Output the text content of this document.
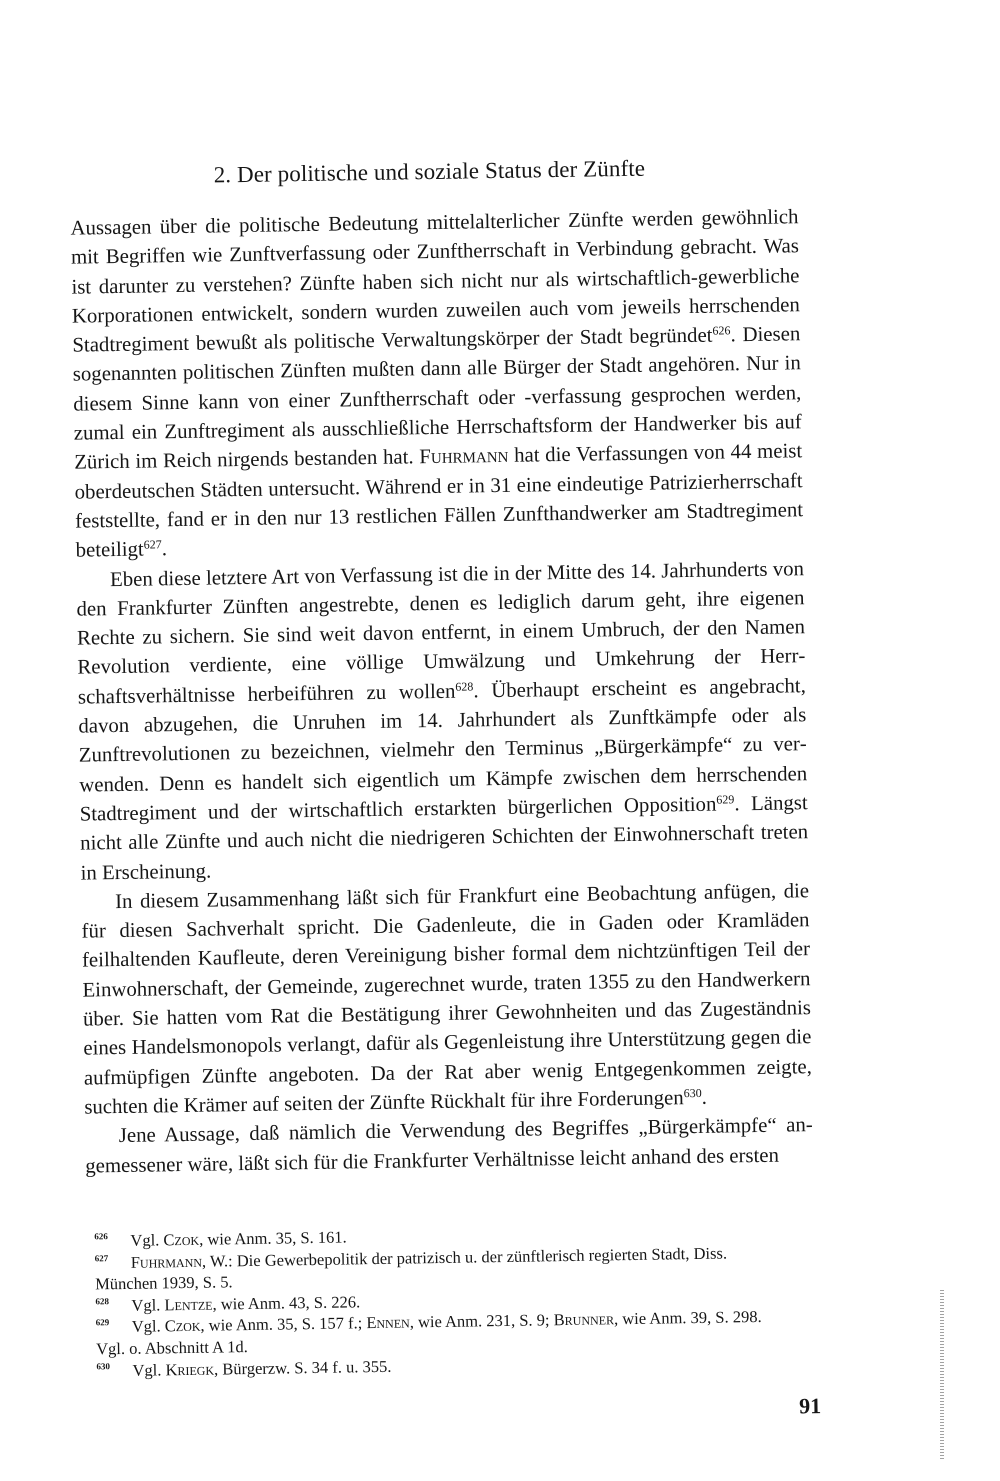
2. Der politische und soziale Status der Zünfte

Aussagen über die politische Bedeutung mittelalterlicher Zünfte werden gewöhnlich mit Begriffen wie Zunftverfassung oder Zunftherrschaft in Verbindung gebracht. Was ist darunter zu verstehen? Zünfte haben sich nicht nur als wirtschaftlich-gewerbliche Korporationen entwickelt, sondern wurden zuweilen auch vom jeweils herrschenden Stadtregiment bewußt als politische Verwaltungskörper der Stadt begründet$^{626}$. Diesen sogenannten politischen Zünften mußten dann alle Bürger der Stadt angehören. Nur in diesem Sinne kann von einer Zunftherrschaft oder -verfassung gesprochen werden, zumal ein Zunftregiment als ausschließliche Herrschaftsform der Handwerker bis auf Zürich im Reich nirgends bestanden hat. Fuhrmann hat die Verfassungen von 44 meist oberdeutschen Städten untersucht. Während er in 31 eine eindeutige Patrizierherrschaft feststellte, fand er in den nur 13 restlichen Fällen Zunfthandwerker am Stadtregiment beteiligt$^{627}$.

Eben diese letztere Art von Verfassung ist die in der Mitte des 14. Jahrhunderts von den Frankfurter Zünften angestrebte, denen es lediglich darum geht, ihre eigenen Rechte zu sichern. Sie sind weit davon entfernt, in einem Umbruch, der den Namen Revolution verdiente, eine völlige Umwälzung und Umkehrung der Herrschaftsverhältnisse herbeiführen zu wollen$^{628}$. Überhaupt erscheint es angebracht, davon abzugehen, die Unruhen im 14. Jahrhundert als Zunftkämpfe oder als Zunftrevolutionen zu bezeichnen, vielmehr den Terminus „Bürgerkämpfe“ zu verwenden. Denn es handelt sich eigentlich um Kämpfe zwischen dem herrschenden Stadtregiment und der wirtschaftlich erstarkten bürgerlichen Opposition$^{629}$. Längst nicht alle Zünfte und auch nicht die niedrigeren Schichten der Einwohnerschaft treten in Erscheinung.

In diesem Zusammenhang läßt sich für Frankfurt eine Beobachtung anfügen, die für diesen Sachverhalt spricht. Die Gadenleute, die in Gaden oder Kramläden feilhaltenden Kaufleute, deren Vereinigung bisher formal dem nichtzünftigen Teil der Einwohnerschaft, der Gemeinde, zugerechnet wurde, traten 1355 zu den Handwerkern über. Sie hatten vom Rat die Bestätigung ihrer Gewohnheiten und das Zugeständnis eines Handelsmonopols verlangt, dafür als Gegenleistung ihre Unterstützung gegen die aufmüpfigen Zünfte angeboten. Da der Rat aber wenig Entgegenkommen zeigte, suchten die Krämer auf seiten der Zünfte Rückhalt für ihre Forderungen$^{630}$.

Jene Aussage, daß nämlich die Verwendung des Begriffes „Bürgerkämpfe“ angemessener wäre, läßt sich für die Frankfurter Verhältnisse leicht anhand des ersten

626 Vgl. Czok, wie Anm. 35, S. 161.
627 Fuhrmann, W.: Die Gewerbepolitik der patrizisch u. der zünftlerisch regierten Stadt, Diss.
München 1939, S. 5.
628 Vgl. Lentze, wie Anm. 43, S. 226.
629 Vgl. Czok, wie Anm. 35, S. 157 f.; Ennen, wie Anm. 231, S. 9; Brunner, wie Anm. 39, S. 298.
Vgl. o. Abschnitt A 1d.
630 Vgl. Kriegk, Bürgerzw. S. 34 f. u. 355.
91
